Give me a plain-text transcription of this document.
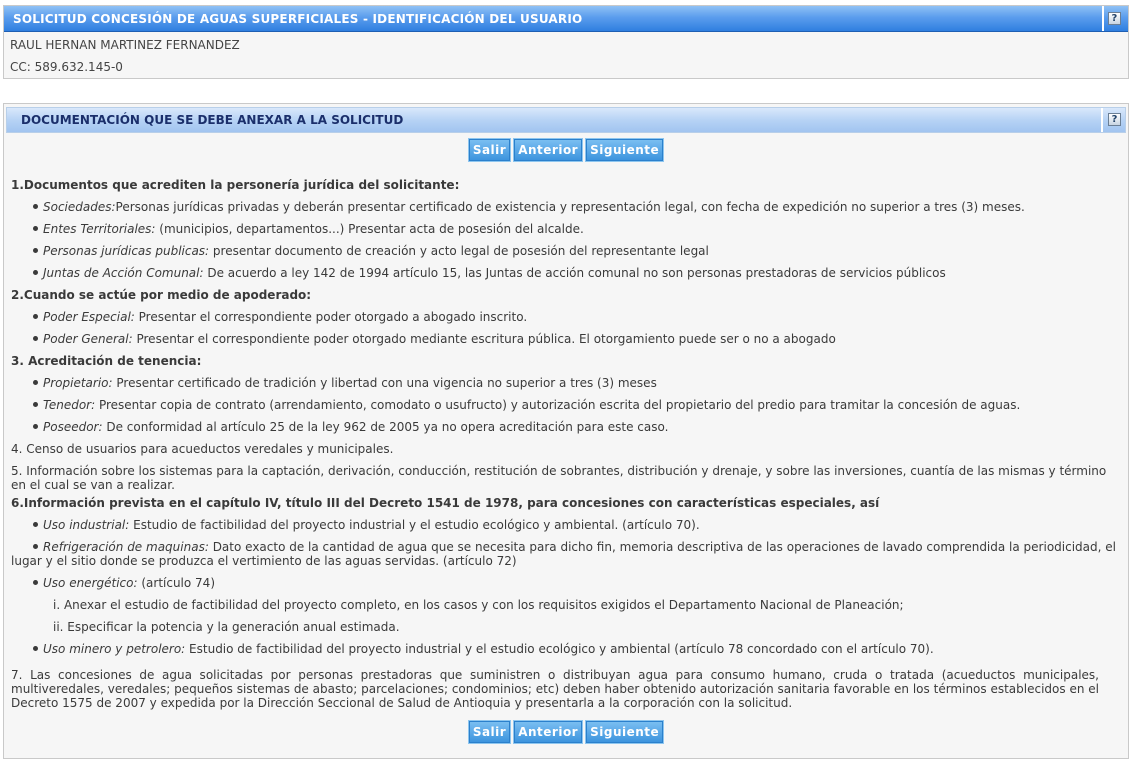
SOLICITUD CONCESIÓN DE AGUAS SUPERFICIALES - IDENTIFICACIÓN DEL USUARIO	?
RAUL HERNAN MARTINEZ FERNANDEZ
CC: 589.632.145-0
DOCUMENTACIÓN QUE SE DEBE ANEXAR A LA SOLICITUD	?
Salir Anterior Siguiente
1.Documentos que acrediten la personería jurídica del solicitante:
Sociedades:Personas jurídicas privadas y deberán presentar certificado de existencia y representación legal, con fecha de expedición no superior a tres (3) meses.
Entes Territoriales: (municipios, departamentos...) Presentar acta de posesión del alcalde.
Personas jurídicas publicas: presentar documento de creación y acto legal de posesión del representante legal
Juntas de Acción Comunal: De acuerdo a ley 142 de 1994 artículo 15, las Juntas de acción comunal no son personas prestadoras de servicios públicos
2.Cuando se actúe por medio de apoderado:
Poder Especial: Presentar el correspondiente poder otorgado a abogado inscrito.
Poder General: Presentar el correspondiente poder otorgado mediante escritura pública. El otorgamiento puede ser o no a abogado
3. Acreditación de tenencia:
Propietario: Presentar certificado de tradición y libertad con una vigencia no superior a tres (3) meses
Tenedor: Presentar copia de contrato (arrendamiento, comodato o usufructo) y autorización escrita del propietario del predio para tramitar la concesión de aguas.
Poseedor: De conformidad al artículo 25 de la ley 962 de 2005 ya no opera acreditación para este caso.
4. Censo de usuarios para acueductos veredales y municipales.
5. Información sobre los sistemas para la captación, derivación, conducción, restitución de sobrantes, distribución y drenaje, y sobre las inversiones, cuantía de las mismas y término en el cual se van a realizar.
6.Información prevista en el capítulo IV, título III del Decreto 1541 de 1978, para concesiones con características especiales, así
Uso industrial: Estudio de factibilidad del proyecto industrial y el estudio ecológico y ambiental. (artículo 70).
Refrigeración de maquinas: Dato exacto de la cantidad de agua que se necesita para dicho fin, memoria descriptiva de las operaciones de lavado comprendida la periodicidad, el lugar y el sitio donde se produzca el vertimiento de las aguas servidas. (artículo 72)
Uso energético: (artículo 74)
i. Anexar el estudio de factibilidad del proyecto completo, en los casos y con los requisitos exigidos el Departamento Nacional de Planeación;
ii. Especificar la potencia y la generación anual estimada.
Uso minero y petrolero: Estudio de factibilidad del proyecto industrial y el estudio ecológico y ambiental (artículo 78 concordado con el artículo 70).
7. Las concesiones de agua solicitadas por personas prestadoras que suministren o distribuyan agua para consumo humano, cruda o tratada (acueductos municipales, multiveredales, veredales; pequeños sistemas de abasto; parcelaciones; condominios; etc) deben haber obtenido autorización sanitaria favorable en los términos establecidos en el Decreto 1575 de 2007 y expedida por la Dirección Seccional de Salud de Antioquia y presentarla a la corporación con la solicitud.
Salir Anterior Siguiente
